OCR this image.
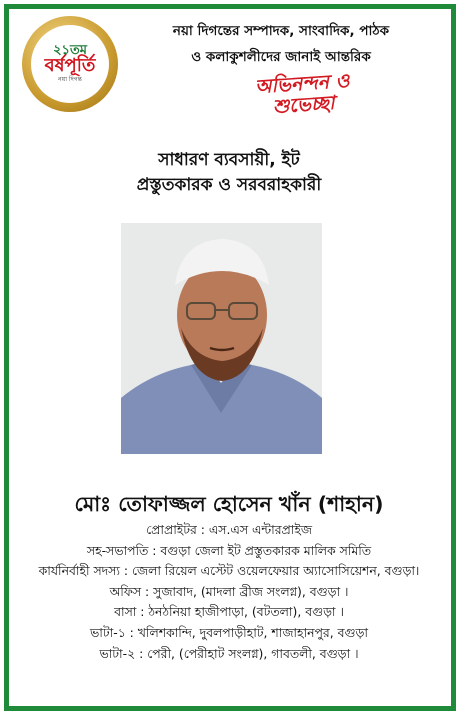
২১তম
বর্ষপূর্তি
নয়া দিগন্ত
নয়া দিগন্তের সম্পাদক, সাংবাদিক, পাঠক
ও কলাকুশলীদের জানাই আন্তরিক
অভিনন্দন ও
শুভেচ্ছা
সাধারণ ব্যবসায়ী, ইট
প্রস্তুতকারক ও সরবরাহকারী
মোঃ তোফাজ্জল হোসেন খাঁন (শাহান)
প্রোপ্রাইটর : এস.এস এন্টারপ্রাইজ
সহ-সভাপতি : বগুড়া জেলা ইট প্রস্তুতকারক মালিক সমিতি
কার্যনির্বাহী সদস্য : জেলা রিয়েল এস্টেট ওয়েলফেয়ার অ্যাসোসিয়েশন, বগুড়া।
অফিস : সুজাবাদ, (মাদলা ব্রীজ সংলগ্ন), বগুড়া ।
বাসা : ঠনঠনিয়া হাজীপাড়া, (বটতলা), বগুড়া ।
ভাটা-১ : খলিশকান্দি, দুবলপাড়ীহাট, শাজাহানপুর, বগুড়া
ভাটা-২ : পেরী, (পেরীহাট সংলগ্ন), গাবতলী, বগুড়া ।
